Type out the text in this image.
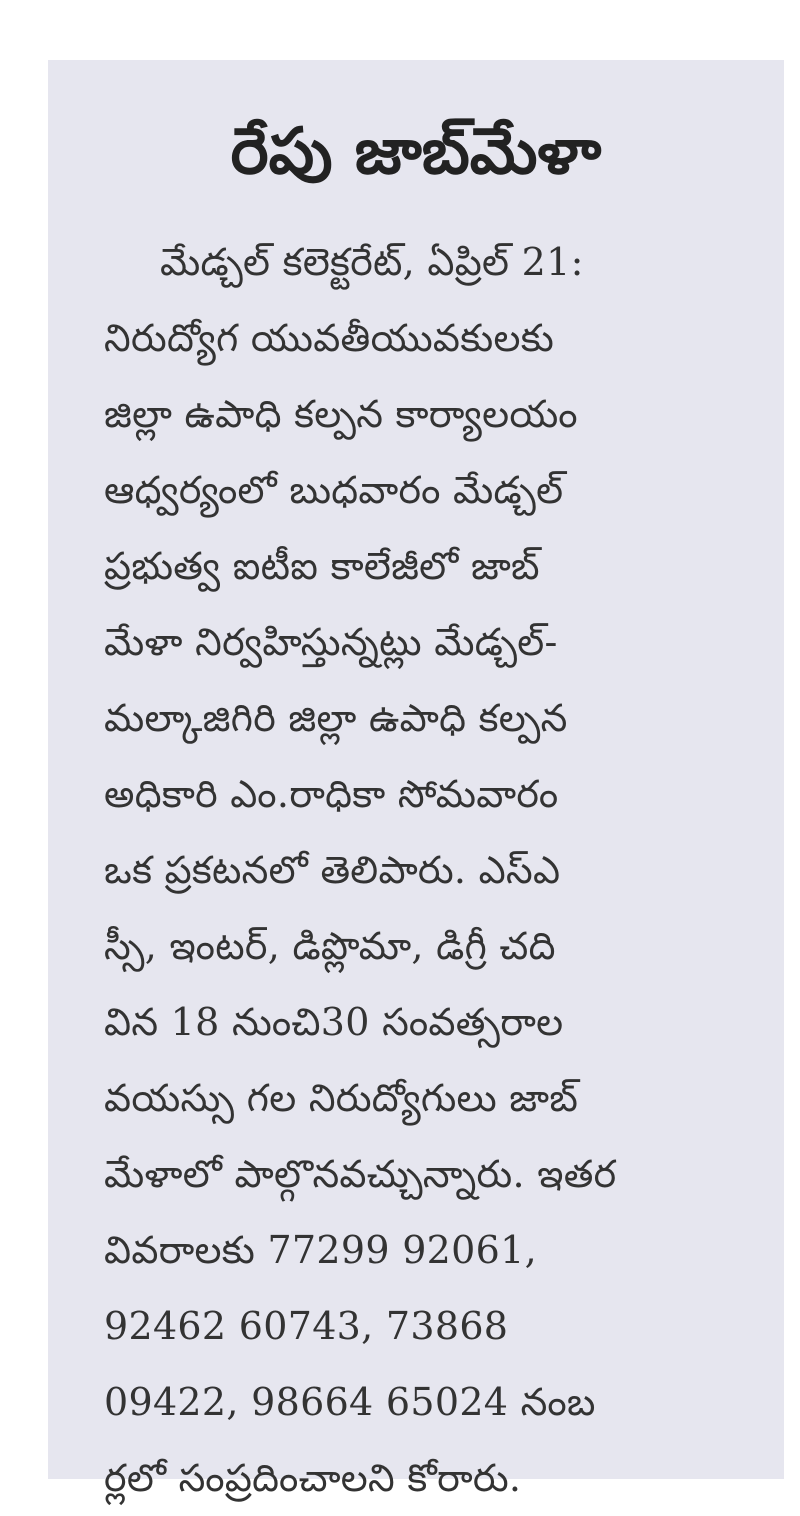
రేపు జాబ్‌మేళా
మేడ్చల్ కలెక్టరేట్, ఏప్రిల్ 21:
నిరుద్యోగ యువతీయువకులకు
జిల్లా ఉపాధి కల్పన కార్యాలయం
ఆధ్వర్యంలో బుధవారం మేడ్చల్
ప్రభుత్వ ఐటీఐ కాలేజీలో జాబ్
మేళా నిర్వహిస్తున్నట్లు మేడ్చల్-
మల్కాజిగిరి జిల్లా ఉపాధి కల్పన
అధికారి ఎం.రాధికా సోమవారం
ఒక ప్రకటనలో తెలిపారు. ఎస్ఎ
స్సీ, ఇంటర్, డిప్లొమా, డిగ్రీ చది
విన 18 నుంచి30 సంవత్సరాల
వయస్సు గల నిరుద్యోగులు జాబ్
మేళాలో పాల్గొనవచ్చున్నారు. ఇతర
వివరాలకు 77299 92061,
92462 60743, 73868
09422, 98664 65024 నంబ
ర్లలో సంప్రదించాలని కోరారు.
